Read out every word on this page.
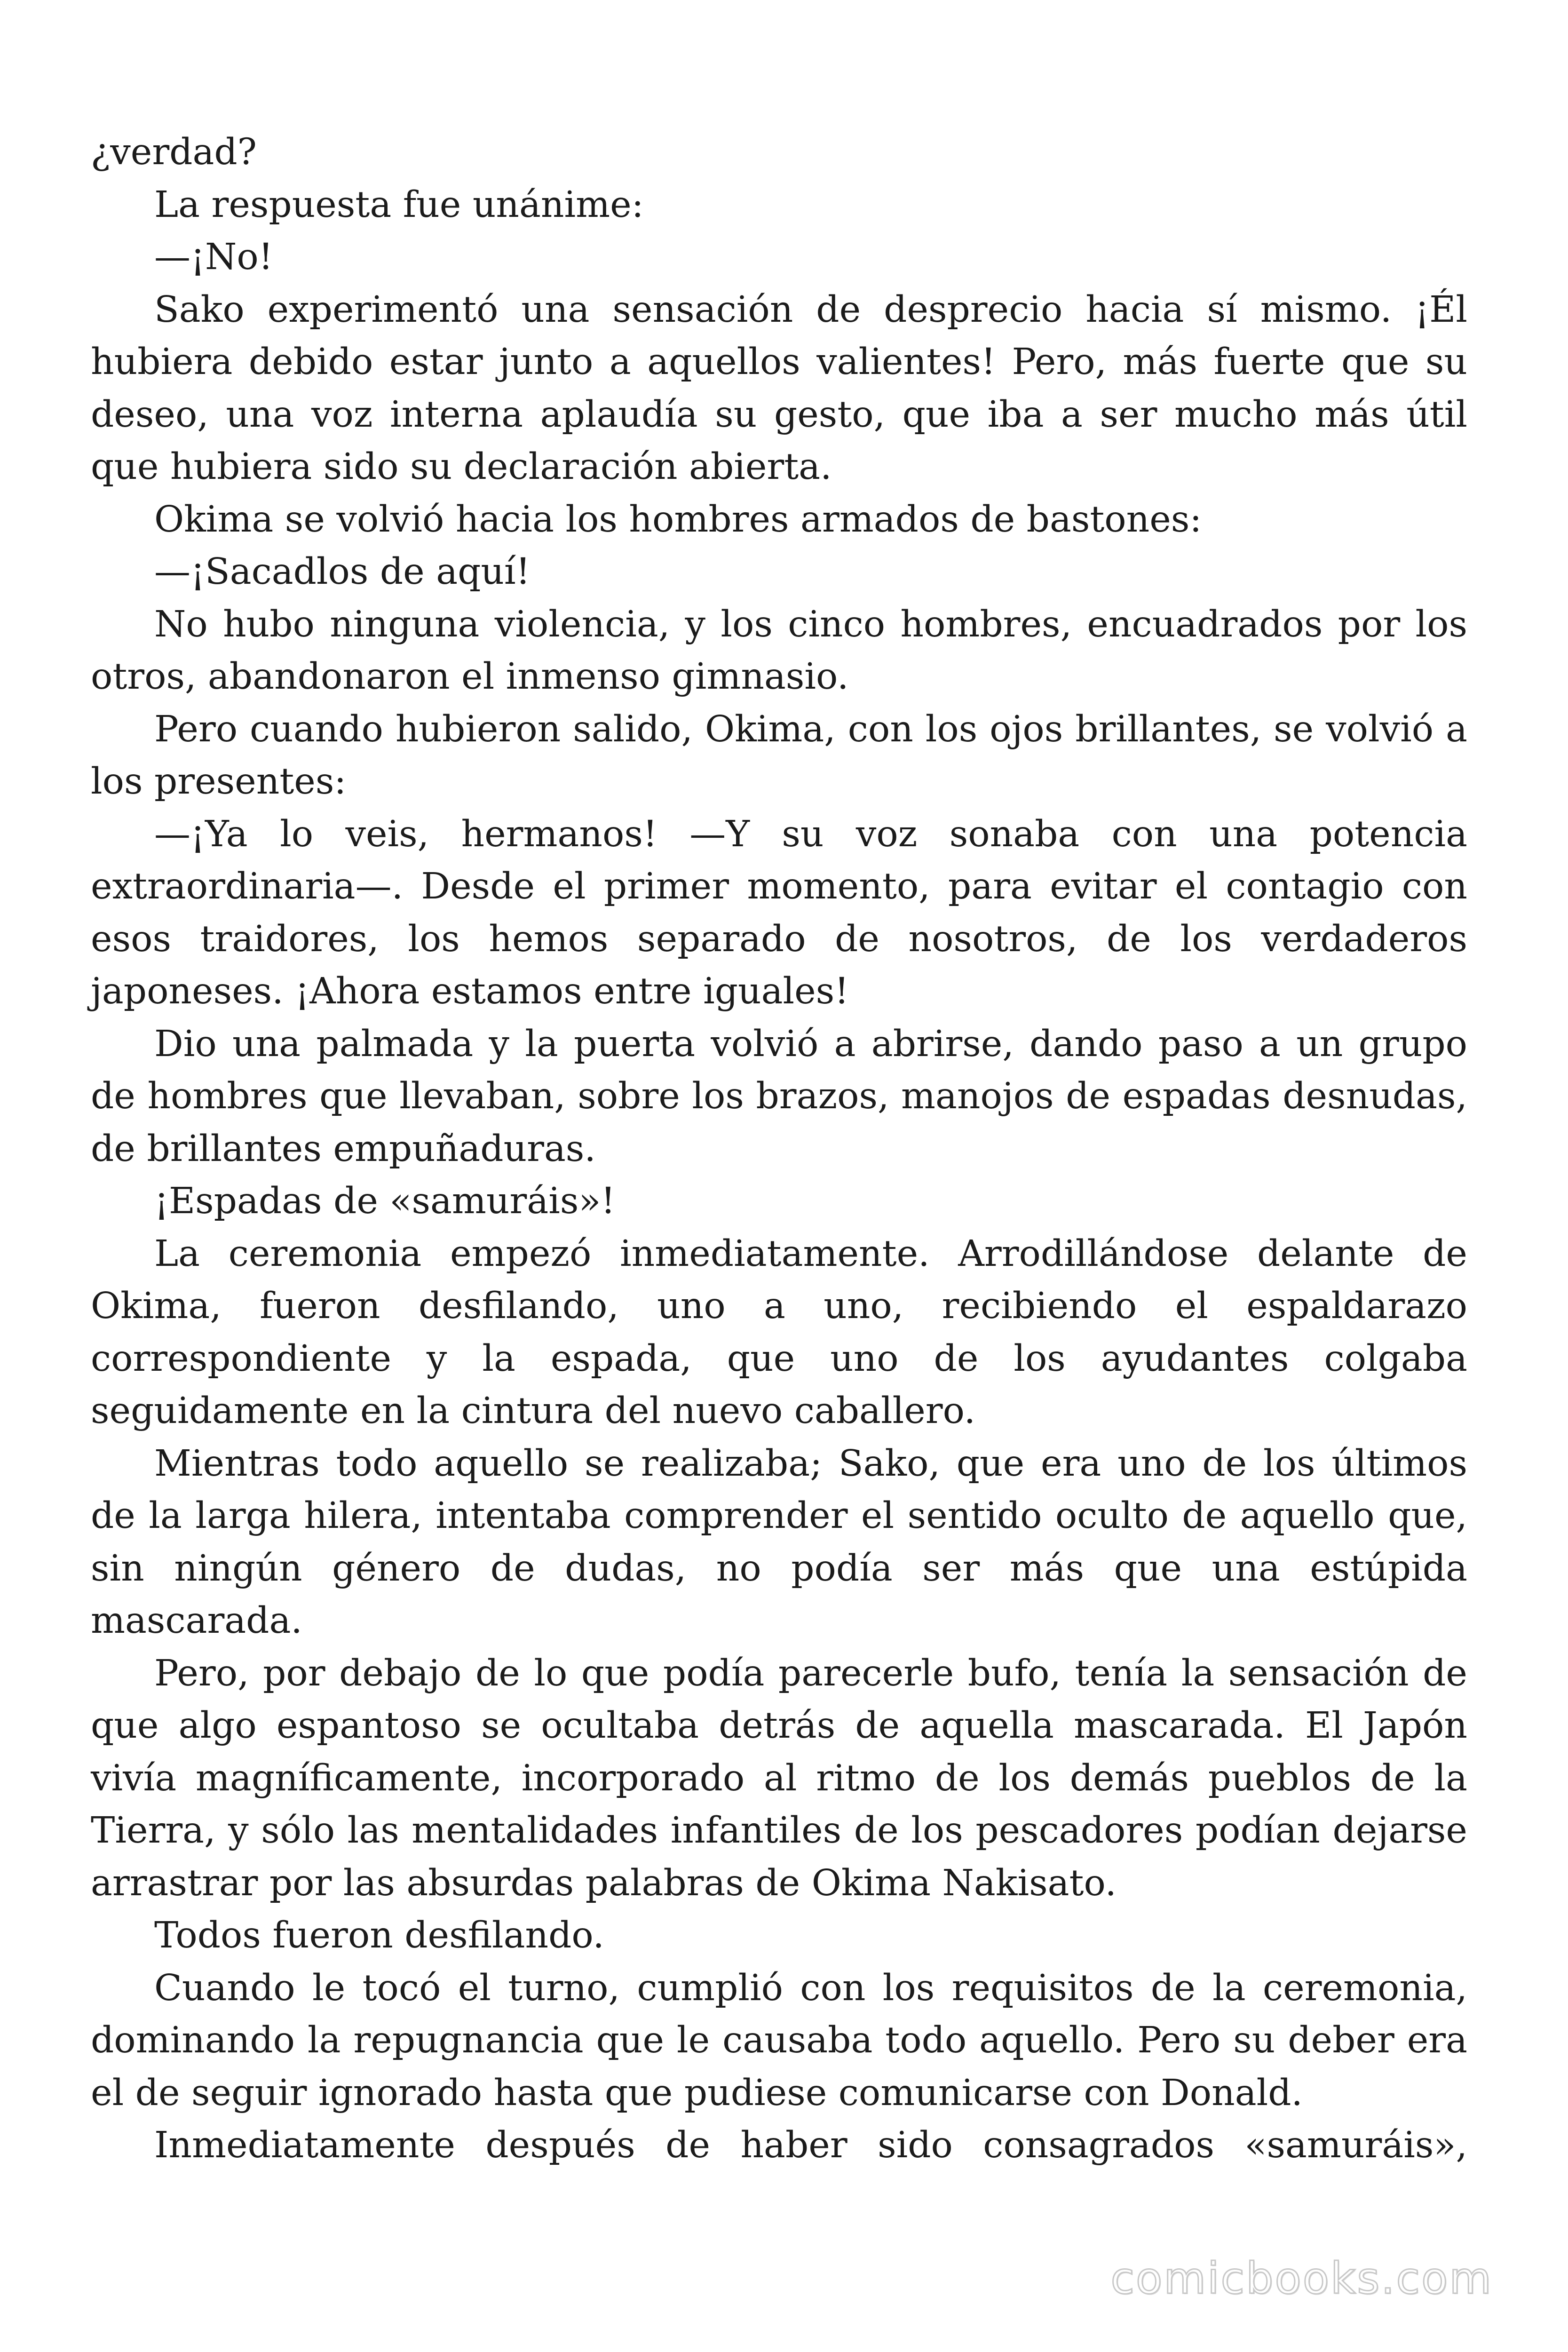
¿verdad?

La respuesta fue unánime:

—¡No!

Sako experimentó una sensación de desprecio hacia sí mismo. ¡Él hubiera debido estar junto a aquellos valientes! Pero, más fuerte que su deseo, una voz interna aplaudía su gesto, que iba a ser mucho más útil que hubiera sido su declaración abierta.

Okima se volvió hacia los hombres armados de bastones:

—¡Sacadlos de aquí!

No hubo ninguna violencia, y los cinco hombres, encuadrados por los otros, abandonaron el inmenso gimnasio.

Pero cuando hubieron salido, Okima, con los ojos brillantes, se volvió a los presentes:

—¡Ya lo veis, hermanos! —Y su voz sonaba con una potencia extraordinaria—. Desde el primer momento, para evitar el contagio con esos traidores, los hemos separado de nosotros, de los verdaderos japoneses. ¡Ahora estamos entre iguales!

Dio una palmada y la puerta volvió a abrirse, dando paso a un grupo de hombres que llevaban, sobre los brazos, manojos de espadas desnudas, de brillantes empuñaduras.

¡Espadas de «samuráis»!

La ceremonia empezó inmediatamente. Arrodillándose delante de Okima, fueron desfilando, uno a uno, recibiendo el espaldarazo correspondiente y la espada, que uno de los ayudantes colgaba seguidamente en la cintura del nuevo caballero.

Mientras todo aquello se realizaba; Sako, que era uno de los últimos de la larga hilera, intentaba comprender el sentido oculto de aquello que, sin ningún género de dudas, no podía ser más que una estúpida mascarada.

Pero, por debajo de lo que podía parecerle bufo, tenía la sensación de que algo espantoso se ocultaba detrás de aquella mascarada. El Japón vivía magníficamente, incorporado al ritmo de los demás pueblos de la Tierra, y sólo las mentalidades infantiles de los pescadores podían dejarse arrastrar por las absurdas palabras de Okima Nakisato.

Todos fueron desfilando.

Cuando le tocó el turno, cumplió con los requisitos de la ceremonia, dominando la repugnancia que le causaba todo aquello. Pero su deber era el de seguir ignorado hasta que pudiese comunicarse con Donald.

Inmediatamente después de haber sido consagrados «samuráis»,

comicbooks.com
